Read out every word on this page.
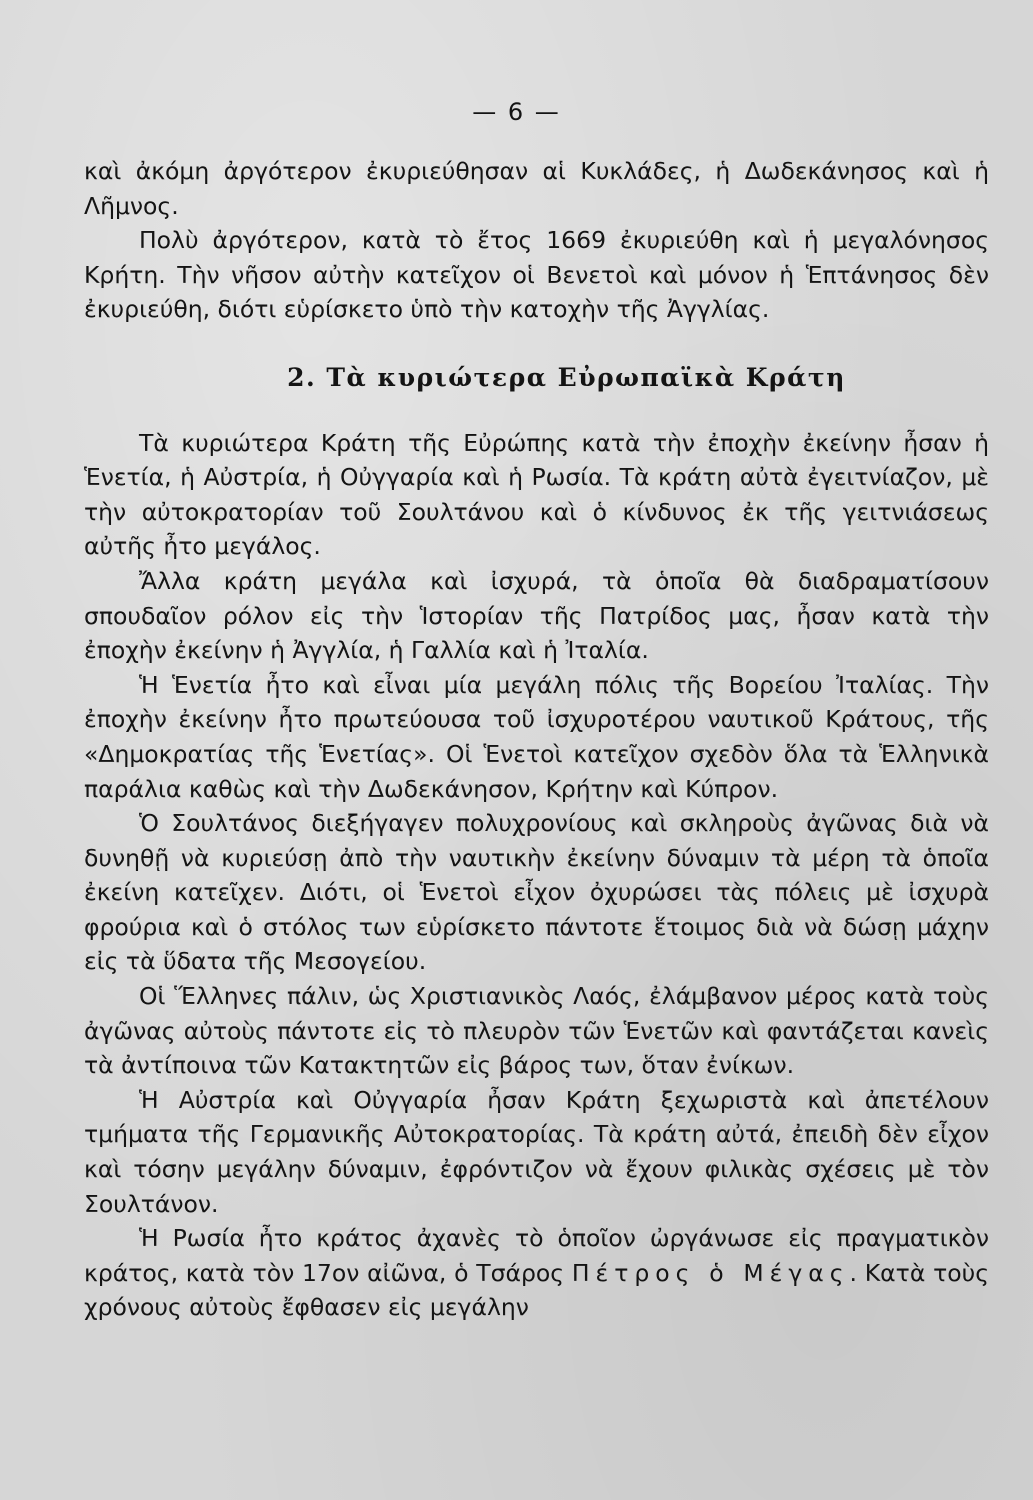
— 6 —

καὶ ἀκόμη ἀργότερον ἐκυριεύθησαν αἱ Κυκλάδες, ἡ Δωδεκάνησος καὶ ἡ Λῆμνος.

Πολὺ ἀργότερον, κατὰ τὸ ἔτος 1669 ἐκυριεύθη καὶ ἡ μεγαλόνησος Κρήτη. Τὴν νῆσον αὐτὴν κατεῖχον οἱ Βενετοὶ καὶ μόνον ἡ Ἑπτάνησος δὲν ἐκυριεύθη, διότι εὑρίσκετο ὑπὸ τὴν κατοχὴν τῆς Ἀγγλίας.

2. Τὰ κυριώτερα Εὐρωπαϊκὰ Κράτη

Τὰ κυριώτερα Κράτη τῆς Εὐρώπης κατὰ τὴν ἐποχὴν ἐκείνην ἦσαν ἡ Ἑνετία, ἡ Αὐστρία, ἡ Οὐγγαρία καὶ ἡ Ρωσία. Τὰ κράτη αὐτὰ ἐγειτνίαζον, μὲ τὴν αὐτοκρατορίαν τοῦ Σουλτάνου καὶ ὁ κίνδυνος ἐκ τῆς γειτνιάσεως αὐτῆς ἦτο μεγάλος.

Ἄλλα κράτη μεγάλα καὶ ἰσχυρά, τὰ ὁποῖα θὰ διαδραματίσουν σπουδαῖον ρόλον εἰς τὴν Ἱστορίαν τῆς Πατρίδος μας, ἦσαν κατὰ τὴν ἐποχὴν ἐκείνην ἡ Ἀγγλία, ἡ Γαλλία καὶ ἡ Ἰταλία.

Ἡ Ἑνετία ἦτο καὶ εἶναι μία μεγάλη πόλις τῆς Βορείου Ἰταλίας. Τὴν ἐποχὴν ἐκείνην ἦτο πρωτεύουσα τοῦ ἰσχυροτέρου ναυτικοῦ Κράτους, τῆς «Δημοκρατίας τῆς Ἑνετίας». Οἱ Ἑνετοὶ κατεῖχον σχεδὸν ὅλα τὰ Ἑλληνικὰ παράλια καθὼς καὶ τὴν Δωδεκάνησον, Κρήτην καὶ Κύπρον.

Ὁ Σουλτάνος διεξήγαγεν πολυχρονίους καὶ σκληροὺς ἀγῶνας διὰ νὰ δυνηθῇ νὰ κυριεύσῃ ἀπὸ τὴν ναυτικὴν ἐκείνην δύναμιν τὰ μέρη τὰ ὁποῖα ἐκείνη κατεῖχεν. Διότι, οἱ Ἑνετοὶ εἶχον ὀχυρώσει τὰς πόλεις μὲ ἰσχυρὰ φρούρια καὶ ὁ στόλος των εὑρίσκετο πάντοτε ἕτοιμος διὰ νὰ δώσῃ μάχην εἰς τὰ ὕδατα τῆς Μεσογείου.

Οἱ Ἕλληνες πάλιν, ὡς Χριστιανικὸς Λαός, ἐλάμβανον μέρος κατὰ τοὺς ἀγῶνας αὐτοὺς πάντοτε εἰς τὸ πλευρὸν τῶν Ἑνετῶν καὶ φαντάζεται κανεὶς τὰ ἀντίποινα τῶν Κατακτητῶν εἰς βάρος των, ὅταν ἐνίκων.

Ἡ Αὐστρία καὶ Οὐγγαρία ἦσαν Κράτη ξεχωριστὰ καὶ ἀπετέλουν τμήματα τῆς Γερμανικῆς Αὐτοκρατορίας. Τὰ κράτη αὐτά, ἐπειδὴ δὲν εἶχον καὶ τόσην μεγάλην δύναμιν, ἐφρόντιζον νὰ ἔχουν φιλικὰς σχέσεις μὲ τὸν Σουλτάνον.

Ἡ Ρωσία ἦτο κράτος ἀχανὲς τὸ ὁποῖον ὠργάνωσε εἰς πραγματικὸν κράτος, κατὰ τὸν 17ον αἰῶνα, ὁ Τσάρος Πέτρος ὁ Μέγας. Κατὰ τοὺς χρόνους αὐτοὺς ἔφθασεν εἰς μεγάλην
